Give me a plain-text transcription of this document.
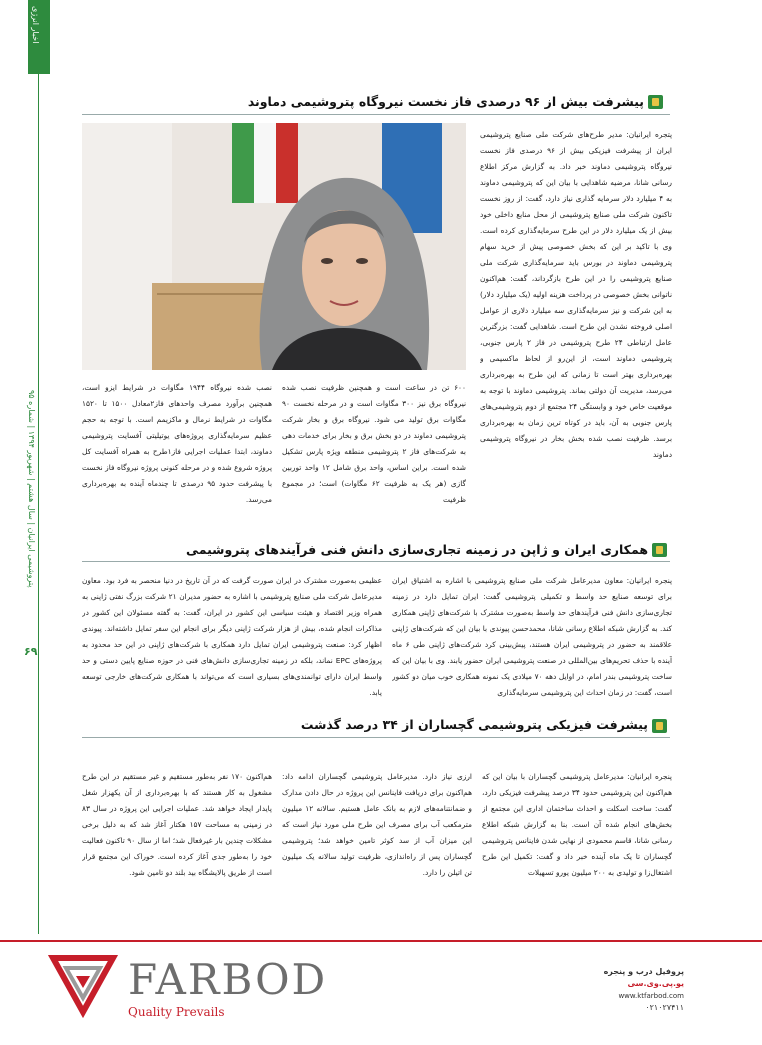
اخبار انرژی
پتروشیمی ایرانیان | سال هشتم | شهریور ۱۳۹۴ | شماره ۹۵
۶۹
پیشرفت بیش از ۹۶ درصدی فاز نخست نیروگاه پتروشیمی دماوند
پتجره ایرانیان: مدیر طرح‌های شرکت ملی صنایع پتروشیمی ایران از پیشرفت فیزیکی بیش از ۹۶ درصدی فاز نخست نیروگاه پتروشیمی دماوند خبر داد. به گزارش مرکز اطلاع رسانی شانا، مرضیه شاهدایی با بیان این که پتروشیمی دماوند به ۴ میلیارد دلار سرمایه گذاری نیاز دارد، گفت: از روز نخست تاکنون شرکت ملی صنایع پتروشیمی از محل منابع داخلی خود بیش از یک میلیارد دلار در این طرح سرمایه‌گذاری کرده است. وی با تاکید بر این که بخش خصوصی پیش از خرید سهام پتروشیمی دماوند در بورس باید سرمایه‌گذاری شرکت ملی صنایع پتروشیمی را در این طرح بازگرداند، گفت: هم‌اکنون ناتوانی بخش خصوصی در پرداخت هزینه اولیه (یک میلیارد دلار) به این شرکت و نیز سرمایه‌گذاری سه میلیارد دلاری از عوامل اصلی فروخته نشدن این طرح است. شاهدایی گفت: بزرگترین عامل ارتباطی ۲۴ طرح پتروشیمی در فاز ۲ پارس جنوبی، پتروشیمی دماوند است، از این‌رو از لحاظ ماکسیمی و بهره‌برداری بهتر است تا زمانی که این طرح به بهره‌برداری می‌رسد، مدیریت آن دولتی بماند. پتروشیمی دماوند با توجه به موقعیت خاص خود و وابستگی ۲۴ مجتمع از دوم پتروشیمی‌های پارس جنوبی به آن، باید در کوتاه ترین زمان به بهره‌برداری برسد. ظرفیت نصب شده بخش بخار در نیروگاه پتروشیمی دماوند
۶۰۰ تن در ساعت است و همچنین ظرفیت نصب شده نیروگاه برق نیز ۳۰۰ مگاوات است و در مرحله نخست ۹۰ مگاوات برق تولید می شود. نیروگاه برق و بخار شرکت پتروشیمی دماوند در دو بخش برق و بخار برای خدمات دهی به شرکت‌های فاز ۲ پتروشیمی منطقه ویژه پارس تشکیل شده است. براین اساس، واحد برق شامل ۱۲ واحد توربین گازی (هر یک به ظرفیت ۶۲ مگاوات) است؛ در مجموع ظرفیت
نصب شده نیروگاه ۱۹۴۴ مگاوات در شرایط ایزو است، همچنین برآورد مصرف واحدهای فاز۲معادل ۱۵۰۰ تا ۱۵۲۰ مگاوات در شرایط نرمال و ماکزیمم است. با توجه به حجم عظیم سرمایه‌گذاری پروژه‌های یوتیلیتی آفسایت پتروشیمی دماوند، ابتدا عملیات اجرایی فاز۱طرح به همراه آفسایت کل پروژه شروع شده و در مرحله کنونی پروژه نیروگاه فاز نخست با پیشرفت حدود ۹۵ درصدی تا چندماه آینده به بهره‌برداری می‌رسد.
همکاری ایران و ژاپن در زمینه تجاری‌سازی دانش فنی فرآیندهای پتروشیمی
پنجره ایرانیان: معاون مدیرعامل شرکت ملی صنایع پتروشیمی با اشاره به اشتیاق ایران برای توسعه صنایع حد واسط و تکمیلی پتروشیمی گفت: ایران تمایل دارد در زمینه تجاری‌سازی دانش فنی فرآیندهای حد واسط به‌صورت مشترک با شرکت‌های ژاپنی همکاری کند. به گزارش شبکه اطلاع رسانی شانا، محمدحسن پیوندی با بیان این که شرکت‌های ژاپنی علاقمند به حضور در پتروشیمی ایران هستند، پیش‌بینی کرد شرکت‌های ژاپنی طی ۶ ماه آینده با حذف تحریم‌های بین‌المللی در صنعت پتروشیمی ایران حضور یابند. وی با بیان این که ساخت پتروشیمی بندر امام، در اوایل دهه ۷۰ میلادی یک نمونه همکاری خوب میان دو کشور است، گفت: در زمان احداث این پتروشیمی سرمایه‌گذاری
عظیمی به‌صورت مشترک در ایران صورت گرفت که در آن تاریخ در دنیا منحصر به فرد بود. معاون مدیرعامل شرکت ملی صنایع پتروشیمی با اشاره به حضور مدیران ۲۱ شرکت بزرگ نفتی ژاپنی به همراه وزیر اقتصاد و هیئت سیاسی این کشور در ایران، گفت: به گفته مسئولان این کشور در مذاکرات انجام شده، بیش از هزار شرکت ژاپنی دیگر برای انجام این سفر تمایل داشته‌اند. پیوندی اظهار کرد: صنعت پتروشیمی ایران تمایل دارد همکاری با شرکت‌های ژاپنی در این حد محدود به پروژه‌های EPC نماند، بلکه در زمینه تجاری‌سازی دانش‌های فنی در حوزه صنایع پایین دستی و حد واسط ایران دارای توانمندی‌های بسیاری است که می‌تواند با همکاری شرکت‌های خارجی توسعه یابد.
پیشرفت فیزیکی پتروشیمی گچساران از ۳۴ درصد گذشت
پنجره ایرانیان: مدیرعامل پتروشیمی گچساران با بیان این که هم‌اکنون این پتروشیمی حدود ۳۴ درصد پیشرفت فیزیکی دارد، گفت: ساخت اسکلت و احداث ساختمان اداری این مجتمع از بخش‌های انجام شده آن است. بنا به گزارش شبکه اطلاع رسانی شانا، قاسم محمودی از نهایی شدن فاینانس پتروشیمی گچساران تا یک ماه آینده خبر داد و گفت: تکمیل این طرح اشتغال‌زا و تولیدی به ۲۰۰ میلیون یورو تسهیلات
ارزی نیاز دارد. مدیرعامل پتروشیمی گچساران ادامه داد: هم‌اکنون برای دریافت فاینانس این پروژه در حال دادن مدارک و ضمانتنامه‌های لازم به بانک عامل هستیم. سالانه ۱۲ میلیون مترمکعب آب برای مصرف این طرح ملی مورد نیاز است که این میزان آب از سد کوثر تامین خواهد شد؛ پتروشیمی گچساران پس از راه‌اندازی، ظرفیت تولید سالانه یک میلیون تن اتیلن را دارد.
هم‌اکنون ۱۷۰ نفر به‌طور مستقیم و غیر مستقیم در این طرح مشغول به کار هستند که با بهره‌برداری از آن یکهزار شغل پایدار ایجاد خواهد شد. عملیات اجرایی این پروژه در سال ۸۳ در زمینی به مساحت ۱۵۷ هکتار آغاز شد که به دلیل برخی مشکلات چندین بار غیرفعال شد؛ اما از سال ۹۰ تاکنون فعالیت خود را به‌طور جدی آغاز کرده است. خوراک این مجتمع قرار است از طریق پالایشگاه بید بلند دو تامین شود.
FARBOD
Quality Prevails
پروفیل درب و پنجره
یو.پی.وی.سی
www.ktfarbod.com
۰۲۱۰۲۷۴۱۱
